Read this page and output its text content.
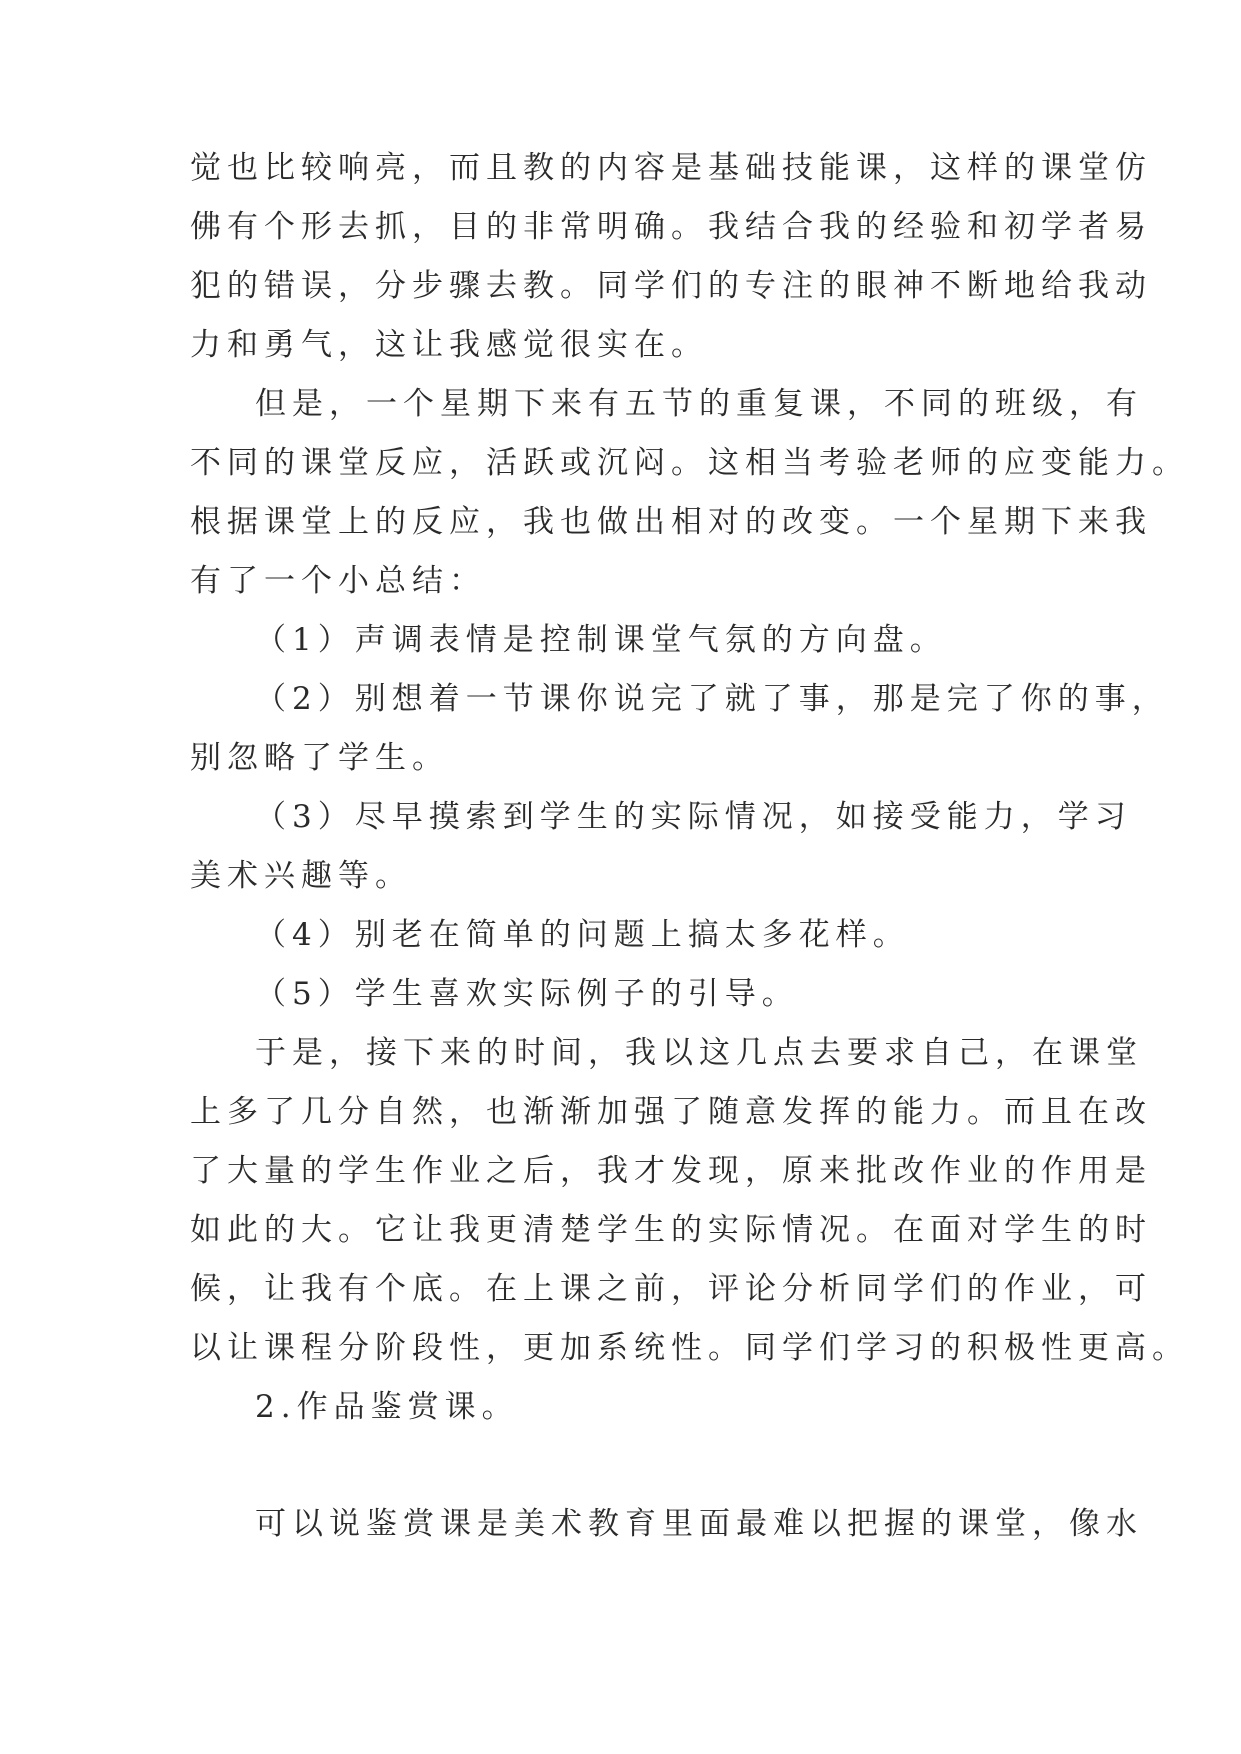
觉也比较响亮，而且教的内容是基础技能课，这样的课堂仿
佛有个形去抓，目的非常明确。我结合我的经验和初学者易
犯的错误，分步骤去教。同学们的专注的眼神不断地给我动
力和勇气，这让我感觉很实在。
但是，一个星期下来有五节的重复课，不同的班级，有
不同的课堂反应，活跃或沉闷。这相当考验老师的应变能力。
根据课堂上的反应，我也做出相对的改变。一个星期下来我
有了一个小总结：
（1）声调表情是控制课堂气氛的方向盘。
（2）别想着一节课你说完了就了事，那是完了你的事，
别忽略了学生。
（3）尽早摸索到学生的实际情况，如接受能力，学习
美术兴趣等。
（4）别老在简单的问题上搞太多花样。
（5）学生喜欢实际例子的引导。
于是，接下来的时间，我以这几点去要求自己，在课堂
上多了几分自然，也渐渐加强了随意发挥的能力。而且在改
了大量的学生作业之后，我才发现，原来批改作业的作用是
如此的大。它让我更清楚学生的实际情况。在面对学生的时
候，让我有个底。在上课之前，评论分析同学们的作业，可
以让课程分阶段性，更加系统性。同学们学习的积极性更高。
2.作品鉴赏课。
可以说鉴赏课是美术教育里面最难以把握的课堂，像水
